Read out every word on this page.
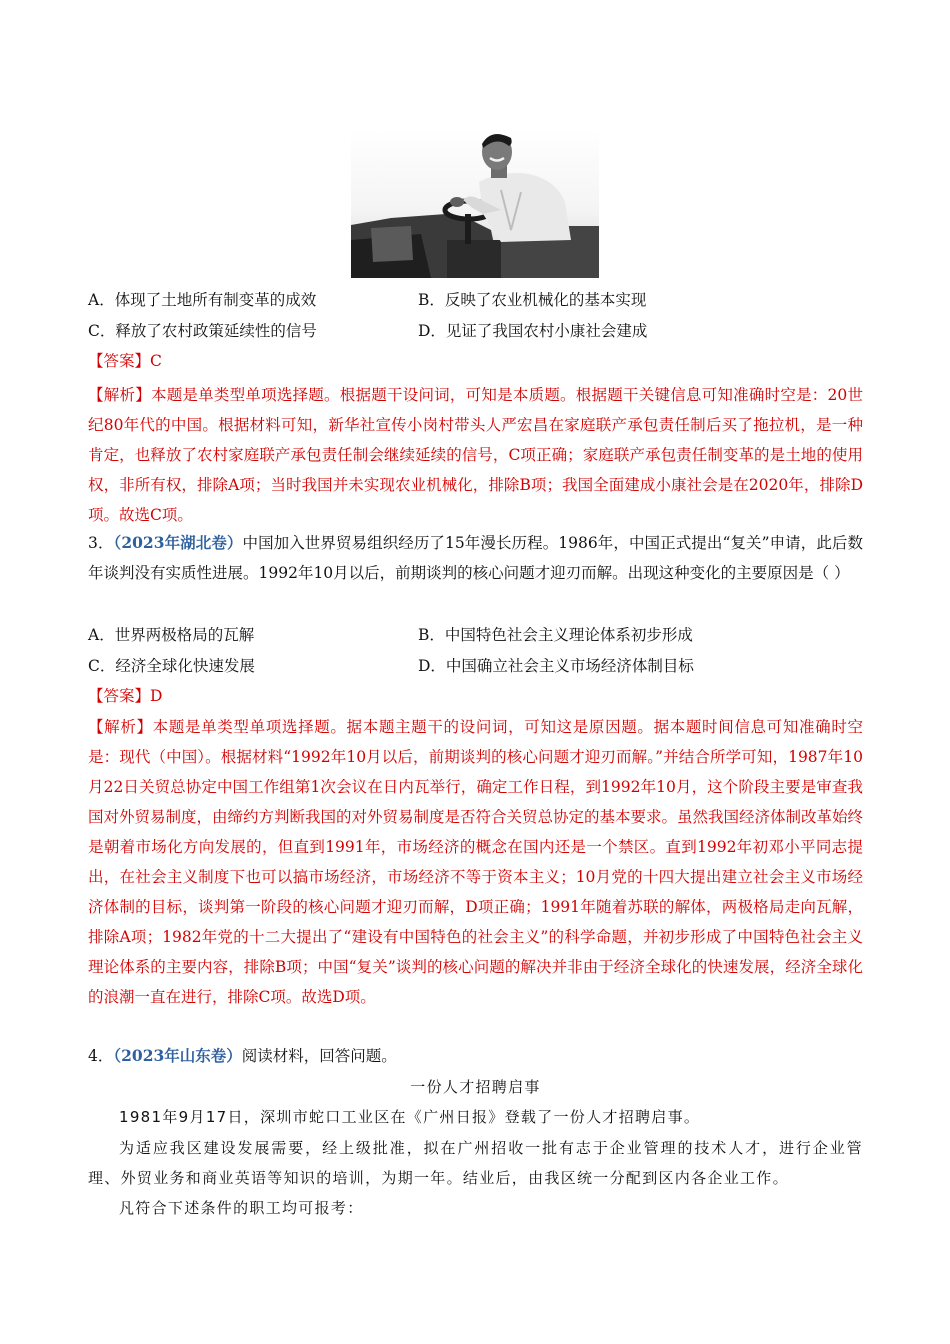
A．体现了土地所有制变革的成效	B．反映了农业机械化的基本实现
C．释放了农村政策延续性的信号	D．见证了我国农村小康社会建成
【答案】C
【解析】本题是单类型单项选择题。根据题干设问词，可知是本质题。根据题干关键信息可知准确时空是：20世纪80年代的中国。根据材料可知，新华社宣传小岗村带头人严宏昌在家庭联产承包责任制后买了拖拉机，是一种肯定，也释放了农村家庭联产承包责任制会继续延续的信号，C项正确；家庭联产承包责任制变革的是土地的使用权，非所有权，排除A项；当时我国并未实现农业机械化，排除B项；我国全面建成小康社会是在2020年，排除D项。故选C项。
3．（2023年湖北卷）中国加入世界贸易组织经历了15年漫长历程。1986年，中国正式提出“复关”申请，此后数年谈判没有实质性进展。1992年10月以后，前期谈判的核心问题才迎刃而解。出现这种变化的主要原因是（ ）
A．世界两极格局的瓦解	B．中国特色社会主义理论体系初步形成
C．经济全球化快速发展	D．中国确立社会主义市场经济体制目标
【答案】D
【解析】本题是单类型单项选择题。据本题主题干的设问词，可知这是原因题。据本题时间信息可知准确时空是：现代（中国）。根据材料“1992年10月以后，前期谈判的核心问题才迎刃而解。”并结合所学可知，1987年10月22日关贸总协定中国工作组第1次会议在日内瓦举行，确定工作日程，到1992年10月，这个阶段主要是审查我国对外贸易制度，由缔约方判断我国的对外贸易制度是否符合关贸总协定的基本要求。虽然我国经济体制改革始终是朝着市场化方向发展的，但直到1991年，市场经济的概念在国内还是一个禁区。直到1992年初邓小平同志提出，在社会主义制度下也可以搞市场经济，市场经济不等于资本主义；10月党的十四大提出建立社会主义市场经济体制的目标，谈判第一阶段的核心问题才迎刃而解，D项正确；1991年随着苏联的解体，两极格局走向瓦解，排除A项；1982年党的十二大提出了“建设有中国特色的社会主义”的科学命题，并初步形成了中国特色社会主义理论体系的主要内容，排除B项；中国“复关”谈判的核心问题的解决并非由于经济全球化的快速发展，经济全球化的浪潮一直在进行，排除C项。故选D项。
4．（2023年山东卷）阅读材料，回答问题。
一份人才招聘启事
1981年9月17日，深圳市蛇口工业区在《广州日报》登载了一份人才招聘启事。
为适应我区建设发展需要，经上级批准，拟在广州招收一批有志于企业管理的技术人才，进行企业管理、外贸业务和商业英语等知识的培训，为期一年。结业后，由我区统一分配到区内各企业工作。
凡符合下述条件的职工均可报考：
